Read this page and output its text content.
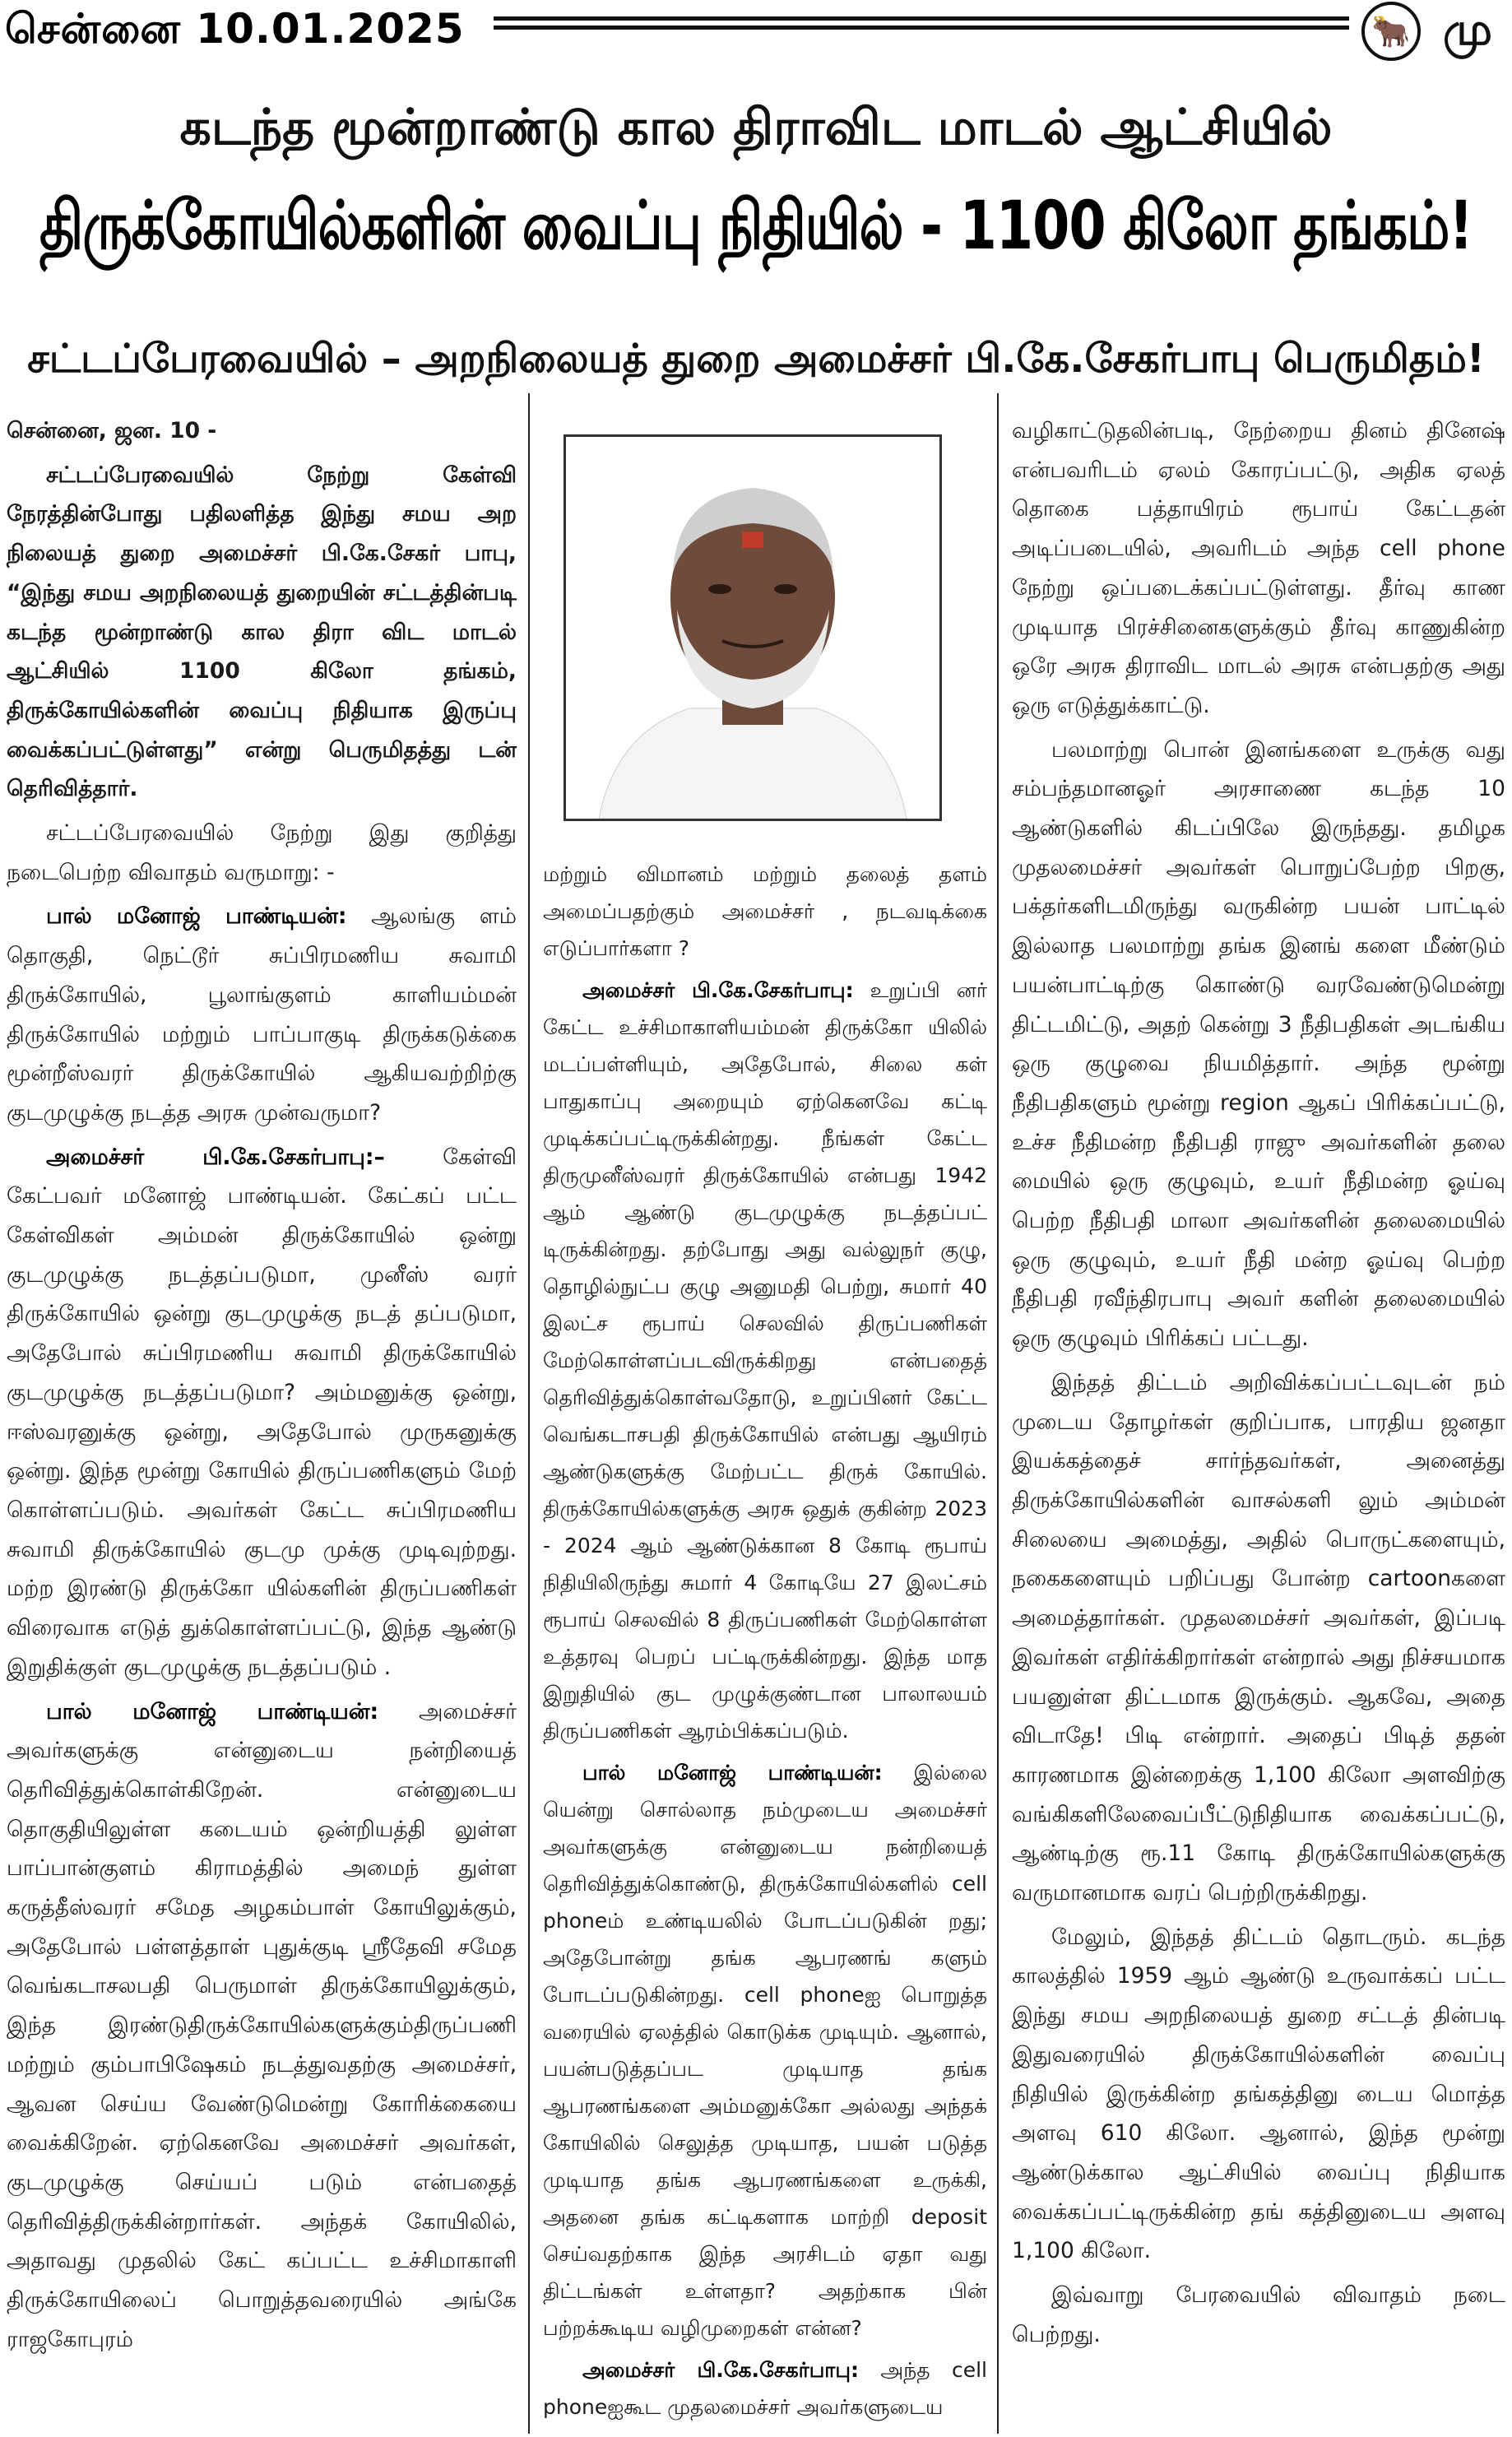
சென்னை 10.01.2025	🐂 மு
கடந்த மூன்றாண்டு கால திராவிட மாடல் ஆட்சியில்
திருக்கோயில்களின் வைப்பு நிதியில் - 1100 கிலோ தங்கம்!
சட்டப்பேரவையில் – அறநிலையத் துறை அமைச்சர் பி.கே.சேகர்பாபு பெருமிதம்!

சென்னை, ஜன. 10 -

சட்டப்பேரவையில் நேற்று கேள்வி நேரத்தின்போது பதிலளித்த இந்து சமய அற நிலையத் துறை அமைச்சர் பி.கே.சேகர் பாபு, “இந்து சமய அறநிலையத் துறையின் சட்டத்தின்படி கடந்த மூன்றாண்டு கால திரா விட மாடல் ஆட்சியில் 1100 கிலோ தங்கம், திருக்கோயில்களின் வைப்பு நிதியாக இருப்பு வைக்கப்பட்டுள்ளது” என்று பெருமிதத்து டன் தெரிவித்தார்.

சட்டப்பேரவையில் நேற்று இது குறித்து நடைபெற்ற விவாதம் வருமாறு: -

பால் மனோஜ் பாண்டியன்: ஆலங்கு ளம் தொகுதி, நெட்டூர் சுப்பிரமணிய சுவாமி திருக்கோயில், பூலாங்குளம் காளியம்மன் திருக்கோயில் மற்றும் பாப்பாகுடி திருக்கடுக்கை மூன்றீஸ்வரர் திருக்கோயில் ஆகியவற்றிற்கு குடமுழுக்கு நடத்த அரசு முன்வருமா?

அமைச்சர் பி.கே.சேகர்பாபு:– கேள்வி கேட்பவர் மனோஜ் பாண்டியன். கேட்கப் பட்ட கேள்விகள் அம்மன் திருக்கோயில் ஒன்று குடமுழுக்கு நடத்தப்படுமா, முனீஸ் வரர் திருக்கோயில் ஒன்று குடமுழுக்கு நடத் தப்படுமா, அதேபோல் சுப்பிரமணிய சுவாமி திருக்கோயில் குடமுழுக்கு நடத்தப்படுமா? அம்மனுக்கு ஒன்று, ஈஸ்வரனுக்கு ஒன்று, அதேபோல் முருகனுக்கு ஒன்று. இந்த மூன்று கோயில் திருப்பணிகளும் மேற் கொள்ளப்படும். அவர்கள் கேட்ட சுப்பிரமணிய சுவாமி திருக்கோயில் குடமு முக்கு முடிவுற்றது. மற்ற இரண்டு திருக்கோ யில்களின் திருப்பணிகள் விரைவாக எடுத் துக்கொள்ளப்பட்டு, இந்த ஆண்டு இறுதிக்குள் குடமுழுக்கு நடத்தப்படும் .

பால் மனோஜ் பாண்டியன்: அமைச்சர் அவர்களுக்கு என்னுடைய நன்றியைத் தெரிவித்துக்கொள்கிறேன். என்னுடைய தொகுதியிலுள்ள கடையம் ஒன்றியத்தி லுள்ள பாப்பான்குளம் கிராமத்தில் அமைந் துள்ள கருத்தீஸ்வரர் சமேத அழகம்பாள் கோயிலுக்கும், அதேபோல் பள்ளத்தாள் புதுக்குடி ஸ்ரீதேவி சமேத வெங்கடாசலபதி பெருமாள் திருக்கோயிலுக்கும், இந்த இரண்டுதிருக்கோயில்களுக்கும்திருப்பணி மற்றும் கும்பாபிஷேகம் நடத்துவதற்கு அமைச்சர், ஆவன செய்ய வேண்டுமென்று கோரிக்கையை வைக்கிறேன். ஏற்கெனவே அமைச்சர் அவர்கள், குடமுழுக்கு செய்யப் படும் என்பதைத் தெரிவித்திருக்கின்றார்கள். அந்தக் கோயிலில், அதாவது முதலில் கேட் கப்பட்ட உச்சிமாகாளி திருக்கோயிலைப் பொறுத்தவரையில் அங்கே ராஜகோபுரம்

மற்றும் விமானம் மற்றும் தலைத் தளம் அமைப்பதற்கும் அமைச்சர் , நடவடிக்கை எடுப்பார்களா ?

அமைச்சர் பி.கே.சேகர்பாபு: உறுப்பி னர் கேட்ட உச்சிமாகாளியம்மன் திருக்கோ யிலில் மடப்பள்ளியும், அதேபோல், சிலை கள் பாதுகாப்பு அறையும் ஏற்கெனவே கட்டி முடிக்கப்பட்டிருக்கின்றது. நீங்கள் கேட்ட திருமுனீஸ்வரர் திருக்கோயில் என்பது 1942 ஆம் ஆண்டு குடமுழுக்கு நடத்தப்பட் டிருக்கின்றது. தற்போது அது வல்லுநர் குழு, தொழில்நுட்ப குழு அனுமதி பெற்று, சுமார் 40 இலட்ச ரூபாய் செலவில் திருப்பணிகள் மேற்கொள்ளப்படவிருக்கிறது என்பதைத் தெரிவித்துக்கொள்வதோடு, உறுப்பினர் கேட்ட வெங்கடாசபதி திருக்கோயில் என்பது ஆயிரம் ஆண்டுகளுக்கு மேற்பட்ட திருக் கோயில். திருக்கோயில்களுக்கு அரசு ஒதுக் குகின்ற 2023 - 2024 ஆம் ஆண்டுக்கான 8 கோடி ரூபாய் நிதியிலிருந்து சுமார் 4 கோடியே 27 இலட்சம் ரூபாய் செலவில் 8 திருப்பணிகள் மேற்கொள்ள உத்தரவு பெறப் பட்டிருக்கின்றது. இந்த மாத இறுதியில் குட முழுக்குண்டான பாலாலயம் திருப்பணிகள் ஆரம்பிக்கப்படும்.

பால் மனோஜ் பாண்டியன்: இல்லை யென்று சொல்லாத நம்முடைய அமைச்சர் அவர்களுக்கு என்னுடைய நன்றியைத் தெரிவித்துக்கொண்டு, திருக்கோயில்களில் cell phoneம் உண்டியலில் போடப்படுகின் றது; அதேபோன்று தங்க ஆபரணங் களும் போடப்படுகின்றது. cell phoneஐ பொறுத்த வரையில் ஏலத்தில் கொடுக்க முடியும். ஆனால், பயன்படுத்தப்பட முடியாத தங்க ஆபரணங்களை அம்மனுக்கோ அல்லது அந்தக் கோயிலில் செலுத்த முடியாத, பயன் படுத்த முடியாத தங்க ஆபரணங்களை உருக்கி, அதனை தங்க கட்டிகளாக மாற்றி deposit செய்வதற்காக இந்த அரசிடம் ஏதா வது திட்டங்கள் உள்ளதா? அதற்காக பின் பற்றக்கூடிய வழிமுறைகள் என்ன?

அமைச்சர் பி.கே.சேகர்பாபு: அந்த cell phoneஐகூட முதலமைச்சர் அவர்களுடைய

வழிகாட்டுதலின்படி, நேற்றைய தினம் தினேஷ் என்பவரிடம் ஏலம் கோரப்பட்டு, அதிக ஏலத் தொகை பத்தாயிரம் ரூபாய் கேட்டதன் அடிப்படையில், அவரிடம் அந்த cell phone நேற்று ஒப்படைக்கப்பட்டுள்ளது. தீர்வு காண முடியாத பிரச்சினைகளுக்கும் தீர்வு காணுகின்ற ஒரே அரசு திராவிட மாடல் அரசு என்பதற்கு அது ஒரு எடுத்துக்காட்டு.

பலமாற்று பொன் இனங்களை உருக்கு வது சம்பந்தமானஓர் அரசாணை கடந்த 10 ஆண்டுகளில் கிடப்பிலே இருந்தது. தமிழக முதலமைச்சர் அவர்கள் பொறுப்பேற்ற பிறகு, பக்தர்களிடமிருந்து வருகின்ற பயன் பாட்டில் இல்லாத பலமாற்று தங்க இனங் களை மீண்டும் பயன்பாட்டிற்கு கொண்டு வரவேண்டுமென்று திட்டமிட்டு, அதற் கென்று 3 நீதிபதிகள் அடங்கிய ஒரு குழுவை நியமித்தார். அந்த மூன்று நீதிபதிகளும் மூன்று region ஆகப் பிரிக்கப்பட்டு, உச்ச நீதிமன்ற நீதிபதி ராஜு அவர்களின் தலை மையில் ஒரு குழுவும், உயர் நீதிமன்ற ஓய்வு பெற்ற நீதிபதி மாலா அவர்களின் தலைமையில் ஒரு குழுவும், உயர் நீதி மன்ற ஓய்வு பெற்ற நீதிபதி ரவீந்திரபாபு அவர் களின் தலைமையில் ஒரு குழுவும் பிரிக்கப் பட்டது.

இந்தத் திட்டம் அறிவிக்கப்பட்டவுடன் நம் முடைய தோழர்கள் குறிப்பாக, பாரதிய ஜனதா இயக்கத்தைச் சார்ந்தவர்கள், அனைத்து திருக்கோயில்களின் வாசல்களி லும் அம்மன் சிலையை அமைத்து, அதில் பொருட்களையும், நகைகளையும் பறிப்பது போன்ற cartoonகளை அமைத்தார்கள். முதலமைச்சர் அவர்கள், இப்படி இவர்கள் எதிர்க்கிறார்கள் என்றால் அது நிச்சயமாக பயனுள்ள திட்டமாக இருக்கும். ஆகவே, அதை விடாதே! பிடி என்றார். அதைப் பிடித் ததன் காரணமாக இன்றைக்கு 1,100 கிலோ அளவிற்கு வங்கிகளிலேவைப்பீட்டுநிதியாக வைக்கப்பட்டு, ஆண்டிற்கு ரூ.11 கோடி திருக்கோயில்களுக்கு வருமானமாக வரப் பெற்றிருக்கிறது.

மேலும், இந்தத் திட்டம் தொடரும். கடந்த காலத்தில் 1959 ஆம் ஆண்டு உருவாக்கப் பட்ட இந்து சமய அறநிலையத் துறை சட்டத் தின்படி இதுவரையில் திருக்கோயில்களின் வைப்பு நிதியில் இருக்கின்ற தங்கத்தினு டைய மொத்த அளவு 610 கிலோ. ஆனால், இந்த மூன்று ஆண்டுக்கால ஆட்சியில் வைப்பு நிதியாக வைக்கப்பட்டிருக்கின்ற தங் கத்தினுடைய அளவு 1,100 கிலோ.

இவ்வாறு பேரவையில் விவாதம் நடை பெற்றது.
